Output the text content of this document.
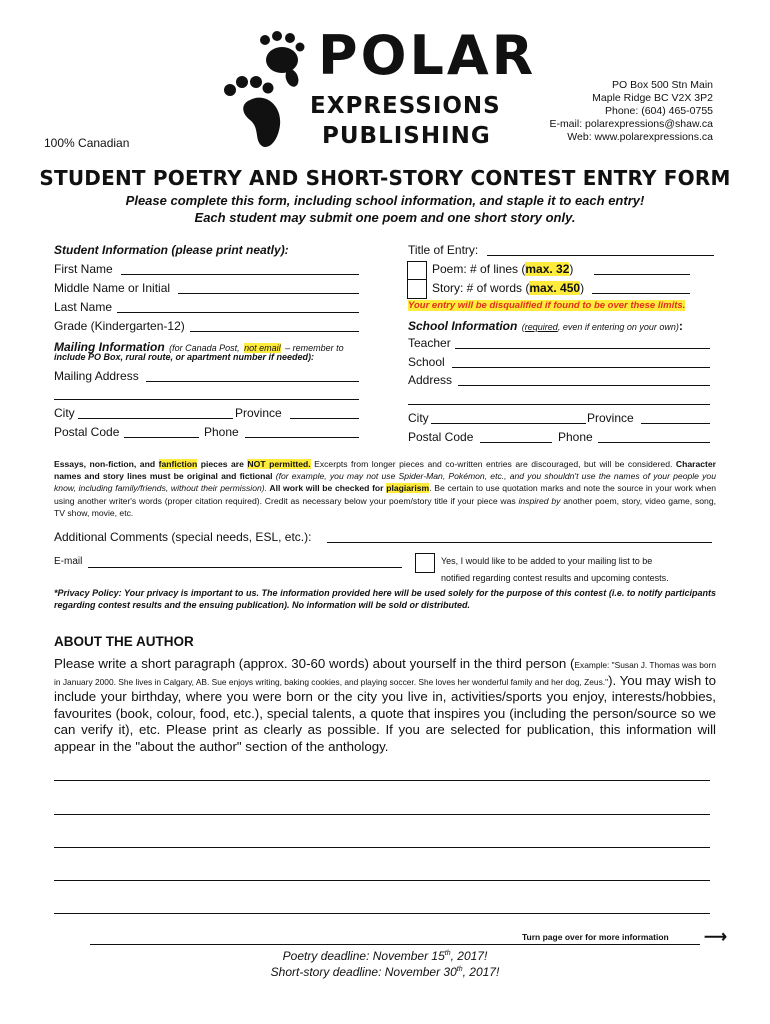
POLAR
EXPRESSIONS
PUBLISHING
100% Canadian
PO Box 500 Stn Main
Maple Ridge BC V2X 3P2
Phone: (604) 465-0755
E-mail: polarexpressions@shaw.ca
Web: www.polarexpressions.ca
STUDENT POETRY AND SHORT-STORY CONTEST ENTRY FORM
Please complete this form, including school information, and staple it to each entry!
Each student may submit one poem and one short story only.
Student Information (please print neatly):
First Name
Middle Name or Initial
Last Name
Grade (Kindergarten-12)
Mailing Information (for Canada Post, not email – remember to
include PO Box, rural route, or apartment number if needed):
Mailing Address
City	Province
Postal Code	Phone
Title of Entry:
Poem: # of lines (max. 32)
Story: # of words (max. 450)
Your entry will be disqualified if found to be over these limits.
School Information (required, even if entering on your own):
Teacher
School
Address
City	Province
Postal Code	Phone
Essays, non-fiction, and fanfiction pieces are NOT permitted. Excerpts from longer pieces and co-written entries are discouraged, but will be considered. Character names and story lines must be original and fictional (for example, you may not use Spider-Man, Pokémon, etc., and you shouldn't use the names of your people you know, including family/friends, without their permission). All work will be checked for plagiarism. Be certain to use quotation marks and note the source in your work when using another writer's words (proper citation required). Credit as necessary below your poem/story title if your piece was inspired by another poem, story, video game, song, TV show, movie, etc.
Additional Comments (special needs, ESL, etc.):
E-mail	Yes, I would like to be added to your mailing list to be
notified regarding contest results and upcoming contests.
*Privacy Policy: Your privacy is important to us. The information provided here will be used solely for the purpose of this contest (i.e. to notify participants regarding contest results and the ensuing publication). No information will be sold or distributed.
ABOUT THE AUTHOR
Please write a short paragraph (approx. 30-60 words) about yourself in the third person (Example: "Susan J. Thomas was born in January 2000. She lives in Calgary, AB. Sue enjoys writing, baking cookies, and playing soccer. She loves her wonderful family and her dog, Zeus."). You may wish to include your birthday, where you were born or the city you live in, activities/sports you enjoy, interests/hobbies, favourites (book, colour, food, etc.), special talents, a quote that inspires you (including the person/source so we can verify it), etc. Please print as clearly as possible. If you are selected for publication, this information will appear in the "about the author" section of the anthology.
Turn page over for more information ⟶
Poetry deadline: November 15th, 2017!
Short-story deadline: November 30th, 2017!
